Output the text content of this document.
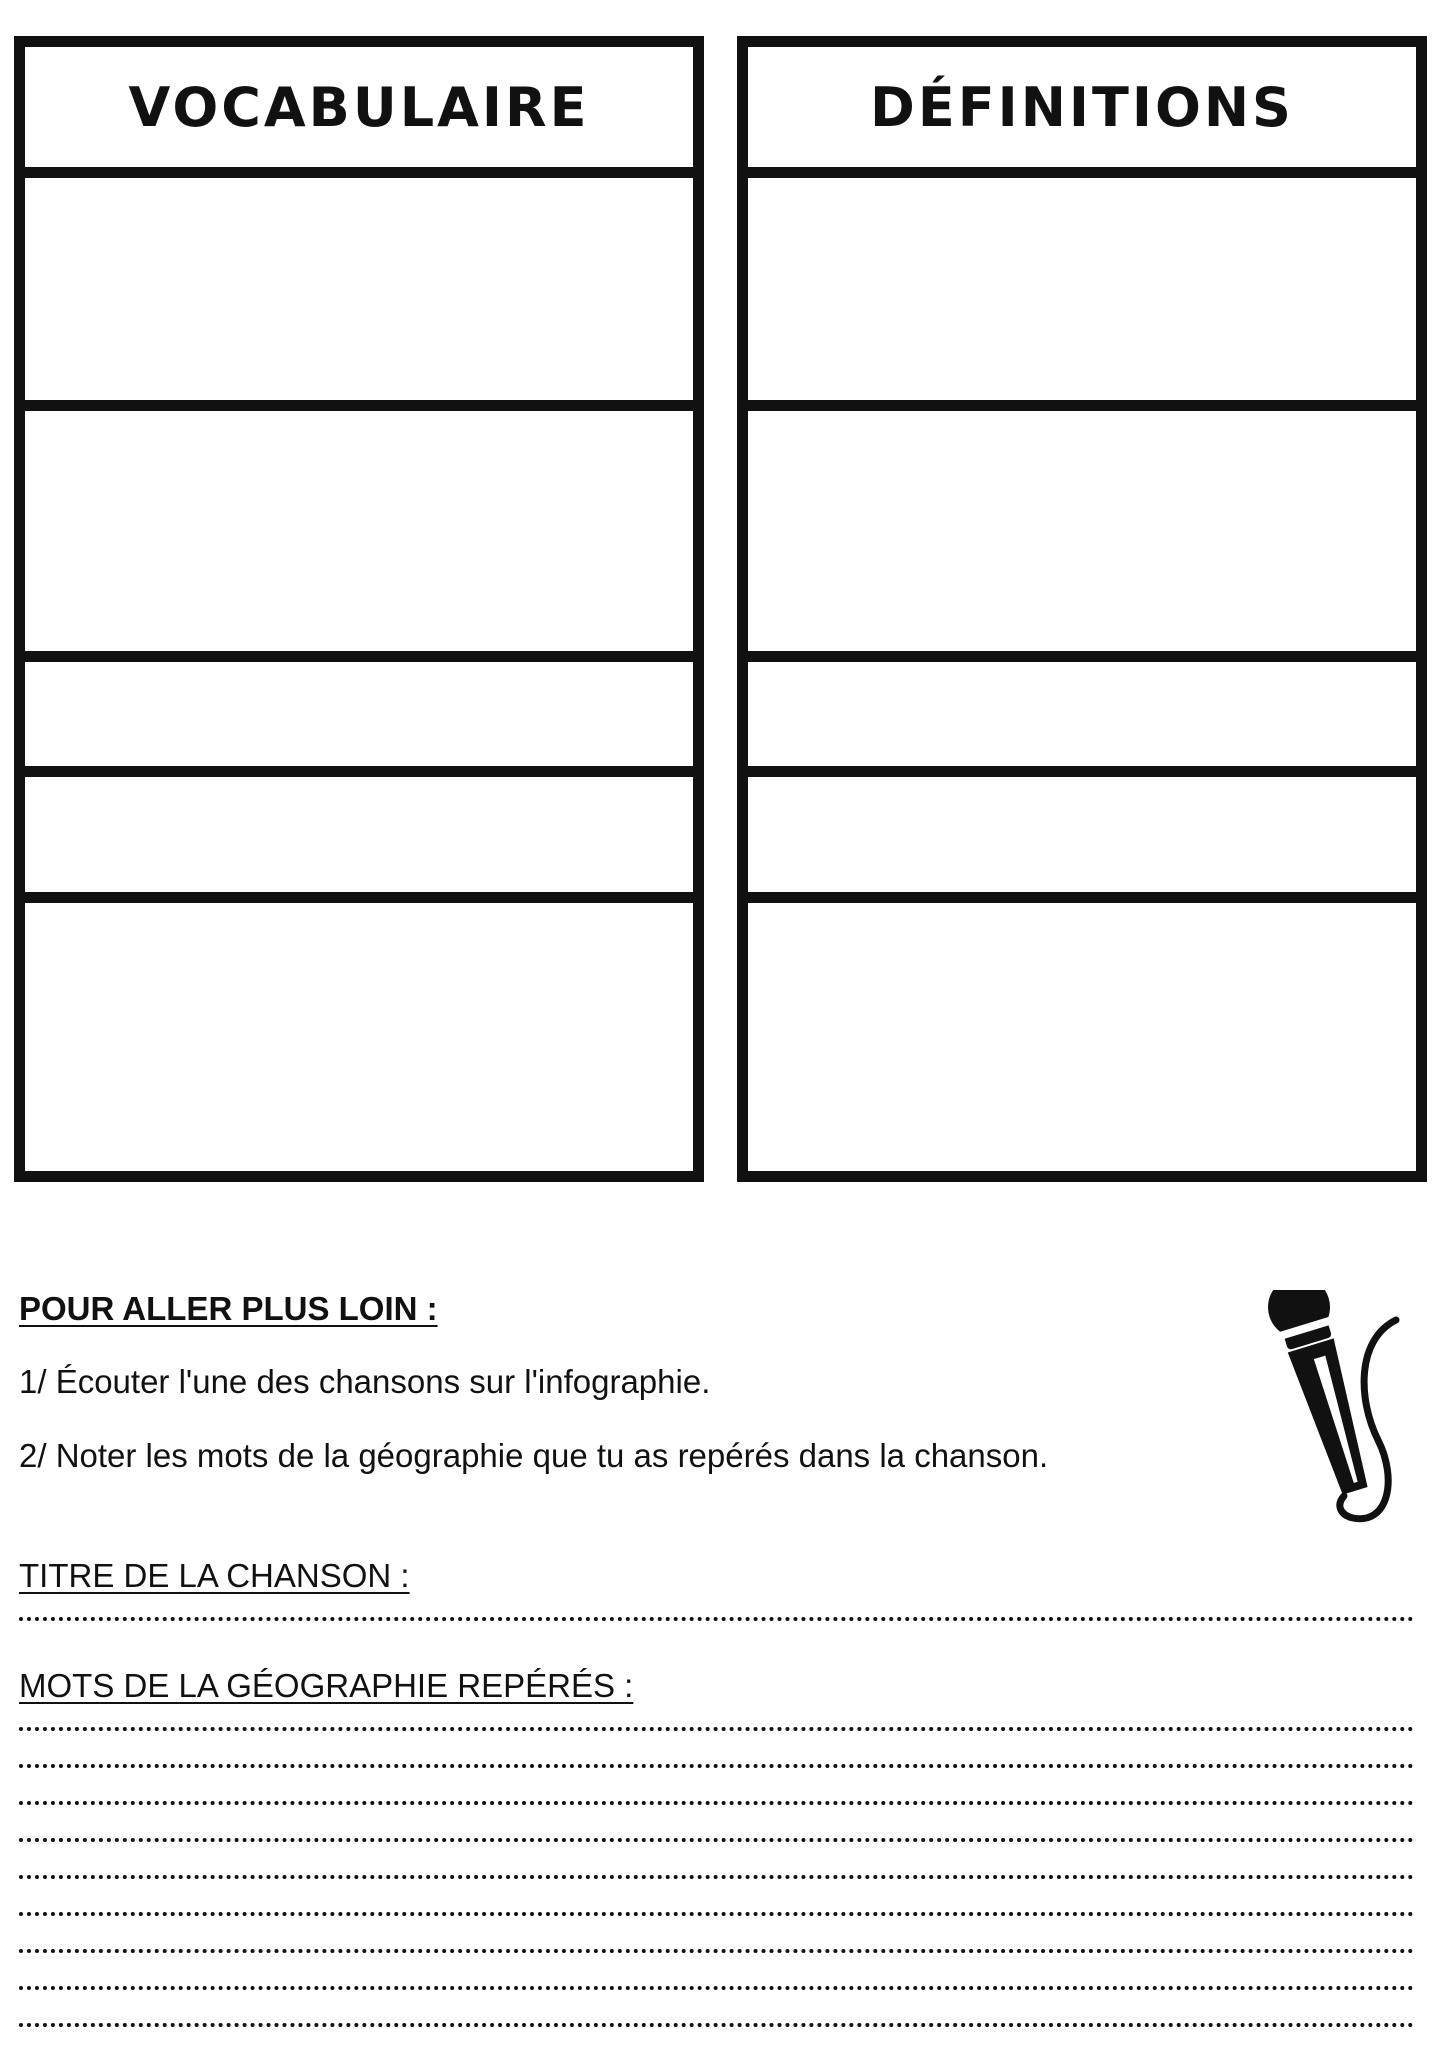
VOCABULAIRE	DÉFINITIONS
POUR ALLER PLUS LOIN :
1/ Écouter l'une des chansons sur l'infographie.
2/ Noter les mots de la géographie que tu as repérés dans la chanson.
TITRE DE LA CHANSON :
MOTS DE LA GÉOGRAPHIE REPÉRÉS :
